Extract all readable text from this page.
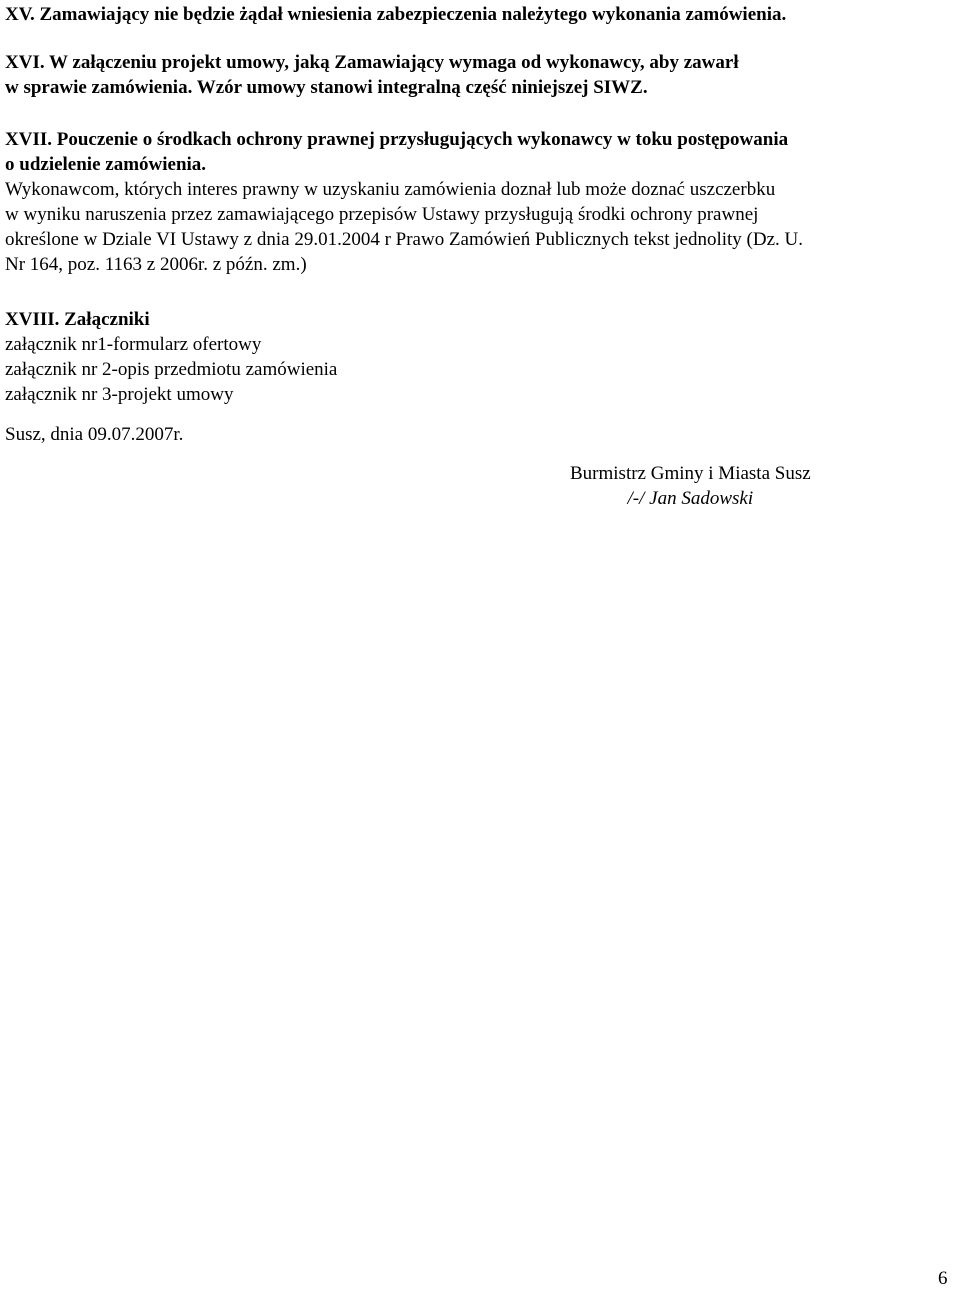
XV. Zamawiający nie będzie żądał wniesienia zabezpieczenia należytego wykonania zamówienia.
XVI. W załączeniu projekt umowy, jaką Zamawiający wymaga od wykonawcy, aby zawarł
w sprawie zamówienia. Wzór umowy stanowi integralną część niniejszej SIWZ.
XVII. Pouczenie o środkach ochrony prawnej przysługujących wykonawcy w toku postępowania
o udzielenie zamówienia.
Wykonawcom, których interes prawny w uzyskaniu zamówienia doznał lub może doznać uszczerbku
w wyniku naruszenia przez zamawiającego przepisów Ustawy przysługują środki ochrony prawnej
określone w Dziale VI Ustawy z dnia 29.01.2004 r Prawo Zamówień Publicznych tekst jednolity (Dz. U.
Nr 164, poz. 1163 z 2006r. z późn. zm.)
XVIII. Załączniki
załącznik nr1-formularz ofertowy
załącznik nr 2-opis przedmiotu zamówienia
załącznik nr 3-projekt umowy
Susz, dnia 09.07.2007r.
Burmistrz Gminy i Miasta Susz
/-/ Jan Sadowski
6
